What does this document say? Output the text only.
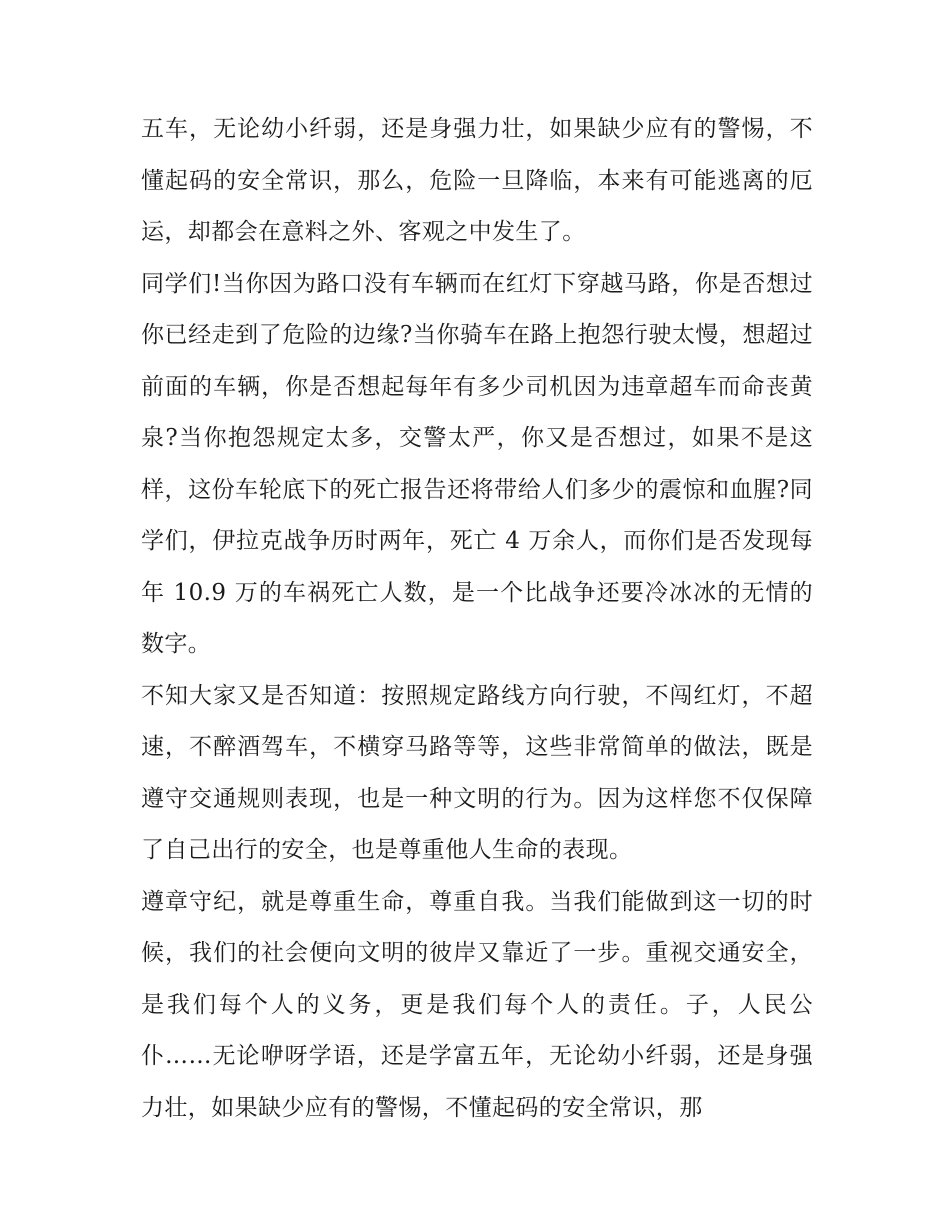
五车，无论幼小纤弱，还是身强力壮，如果缺少应有的警惕，不懂起码的安全常识，那么，危险一旦降临，本来有可能逃离的厄运，却都会在意料之外、客观之中发生了。

同学们!当你因为路口没有车辆而在红灯下穿越马路，你是否想过你已经走到了危险的边缘?当你骑车在路上抱怨行驶太慢，想超过前面的车辆，你是否想起每年有多少司机因为违章超车而命丧黄泉?当你抱怨规定太多，交警太严，你又是否想过，如果不是这样，这份车轮底下的死亡报告还将带给人们多少的震惊和血腥?同学们，伊拉克战争历时两年，死亡 4 万余人，而你们是否发现每年 10.9 万的车祸死亡人数，是一个比战争还要冷冰冰的无情的数字。

不知大家又是否知道：按照规定路线方向行驶，不闯红灯，不超速，不醉酒驾车，不横穿马路等等，这些非常简单的做法，既是遵守交通规则表现，也是一种文明的行为。因为这样您不仅保障了自己出行的安全，也是尊重他人生命的表现。

遵章守纪，就是尊重生命，尊重自我。当我们能做到这一切的时候，我们的社会便向文明的彼岸又靠近了一步。重视交通安全，是我们每个人的义务，更是我们每个人的责任。子，人民公仆……无论咿呀学语，还是学富五年，无论幼小纤弱，还是身强力壮，如果缺少应有的警惕，不懂起码的安全常识，那
